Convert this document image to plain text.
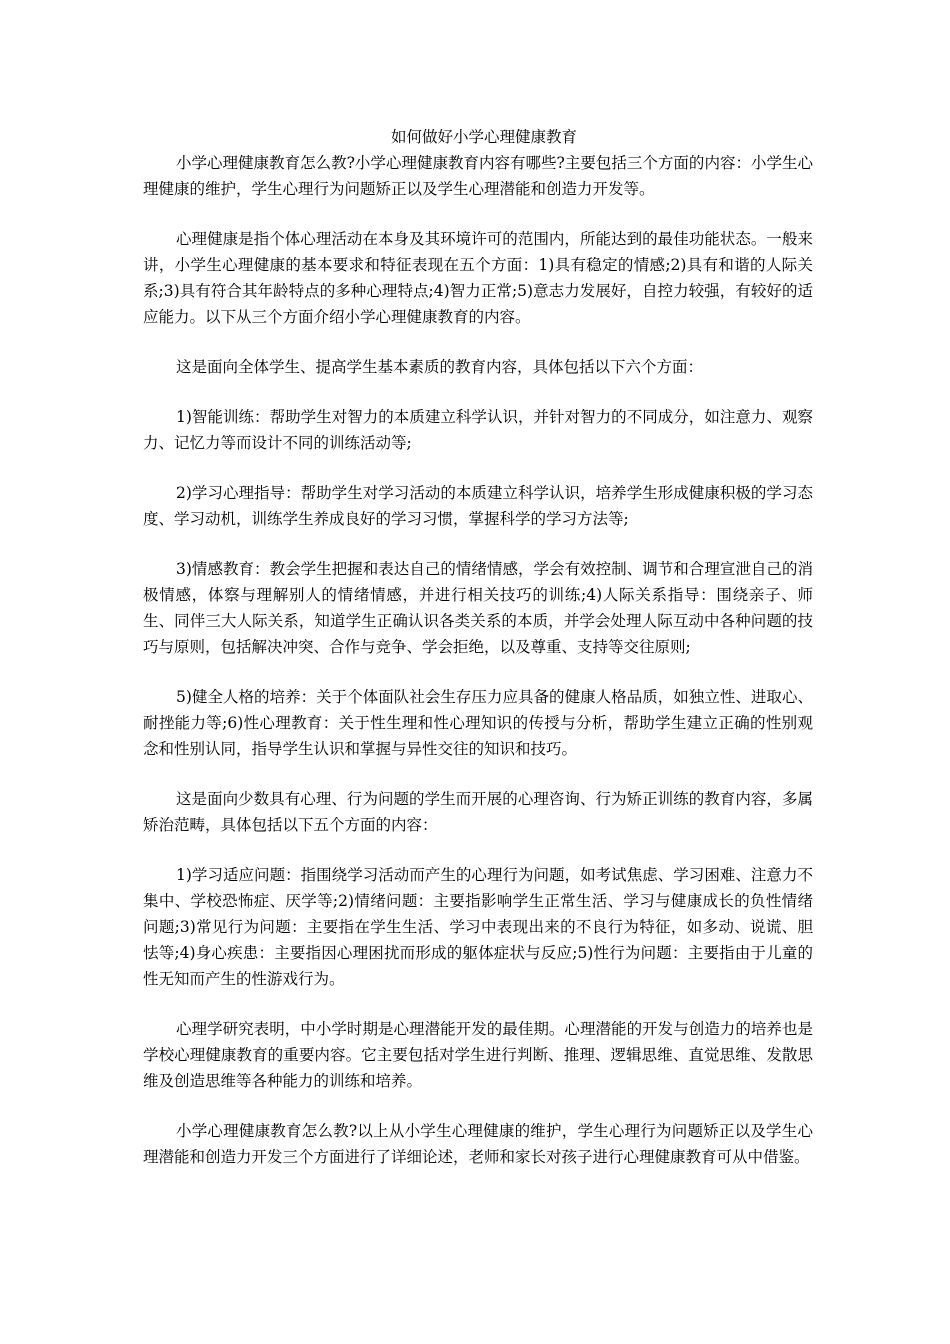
如何做好小学心理健康教育

小学心理健康教育怎么教?小学心理健康教育内容有哪些?主要包括三个方面的内容：小学生心理健康的维护，学生心理行为问题矫正以及学生心理潜能和创造力开发等。

心理健康是指个体心理活动在本身及其环境许可的范围内，所能达到的最佳功能状态。一般来讲，小学生心理健康的基本要求和特征表现在五个方面：1)具有稳定的情感;2)具有和谐的人际关系;3)具有符合其年龄特点的多种心理特点;4)智力正常;5)意志力发展好，自控力较强，有较好的适应能力。以下从三个方面介绍小学心理健康教育的内容。

这是面向全体学生、提高学生基本素质的教育内容，具体包括以下六个方面：

1)智能训练：帮助学生对智力的本质建立科学认识，并针对智力的不同成分，如注意力、观察力、记忆力等而设计不同的训练活动等;

2)学习心理指导：帮助学生对学习活动的本质建立科学认识，培养学生形成健康积极的学习态度、学习动机，训练学生养成良好的学习习惯，掌握科学的学习方法等;

3)情感教育：教会学生把握和表达自己的情绪情感，学会有效控制、调节和合理宣泄自己的消极情感，体察与理解别人的情绪情感，并进行相关技巧的训练;4)人际关系指导：围绕亲子、师生、同伴三大人际关系，知道学生正确认识各类关系的本质，并学会处理人际互动中各种问题的技巧与原则，包括解决冲突、合作与竞争、学会拒绝，以及尊重、支持等交往原则;

5)健全人格的培养：关于个体面队社会生存压力应具备的健康人格品质，如独立性、进取心、耐挫能力等;6)性心理教育：关于性生理和性心理知识的传授与分析，帮助学生建立正确的性别观念和性别认同，指导学生认识和掌握与异性交往的知识和技巧。

这是面向少数具有心理、行为问题的学生而开展的心理咨询、行为矫正训练的教育内容，多属矫治范畴，具体包括以下五个方面的内容：

1)学习适应问题：指围绕学习活动而产生的心理行为问题，如考试焦虑、学习困难、注意力不集中、学校恐怖症、厌学等;2)情绪问题：主要指影响学生正常生活、学习与健康成长的负性情绪问题;3)常见行为问题：主要指在学生生活、学习中表现出来的不良行为特征，如多动、说谎、胆怯等;4)身心疾患：主要指因心理困扰而形成的躯体症状与反应;5)性行为问题：主要指由于儿童的性无知而产生的性游戏行为。

心理学研究表明，中小学时期是心理潜能开发的最佳期。心理潜能的开发与创造力的培养也是学校心理健康教育的重要内容。它主要包括对学生进行判断、推理、逻辑思维、直觉思维、发散思维及创造思维等各种能力的训练和培养。

小学心理健康教育怎么教?以上从小学生心理健康的维护，学生心理行为问题矫正以及学生心理潜能和创造力开发三个方面进行了详细论述，老师和家长对孩子进行心理健康教育可从中借鉴。
